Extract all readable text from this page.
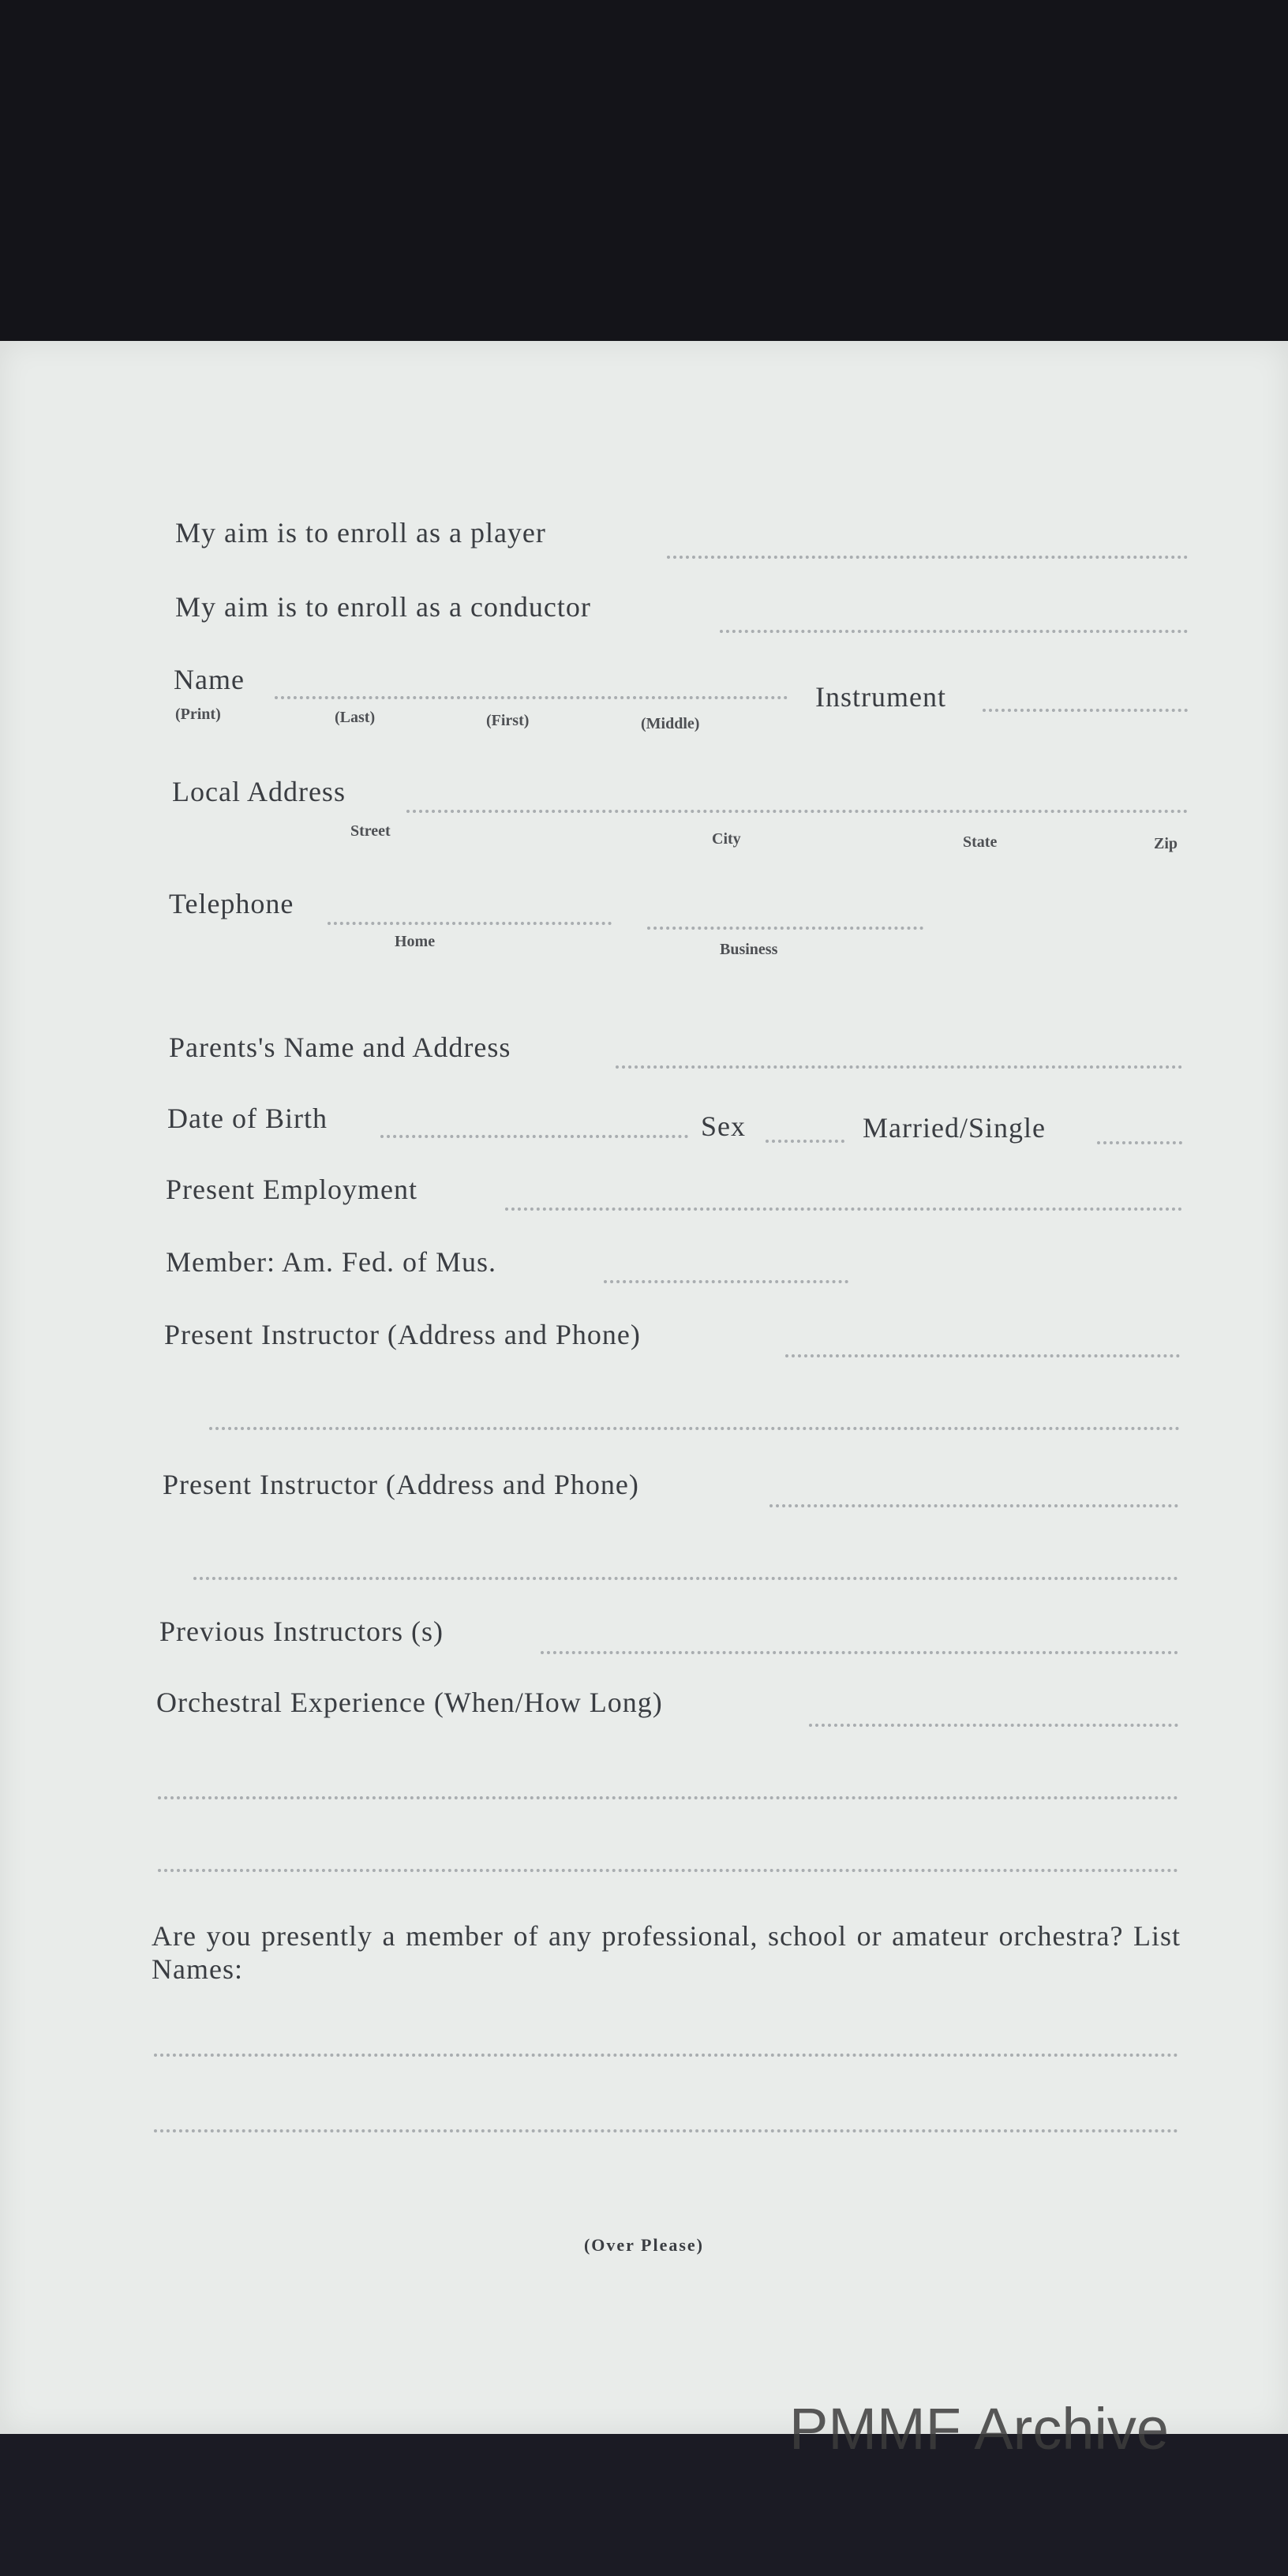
My aim is to enroll as a player
My aim is to enroll as a conductor
Name
Instrument
(Print)	(Last)	(First)	(Middle)
Local Address
Street	City	State	Zip
Telephone
Home	Business
Parents's Name and Address
Date of Birth	Sex	Married/Single
Present Employment
Member: Am. Fed. of Mus.
Present Instructor (Address and Phone)
Present Instructor (Address and Phone)
Previous Instructors (s)
Orchestral Experience (When/How Long)
Are you presently a member of any professional, school or amateur orchestra? List Names:
(Over Please)
PMMF Archive
